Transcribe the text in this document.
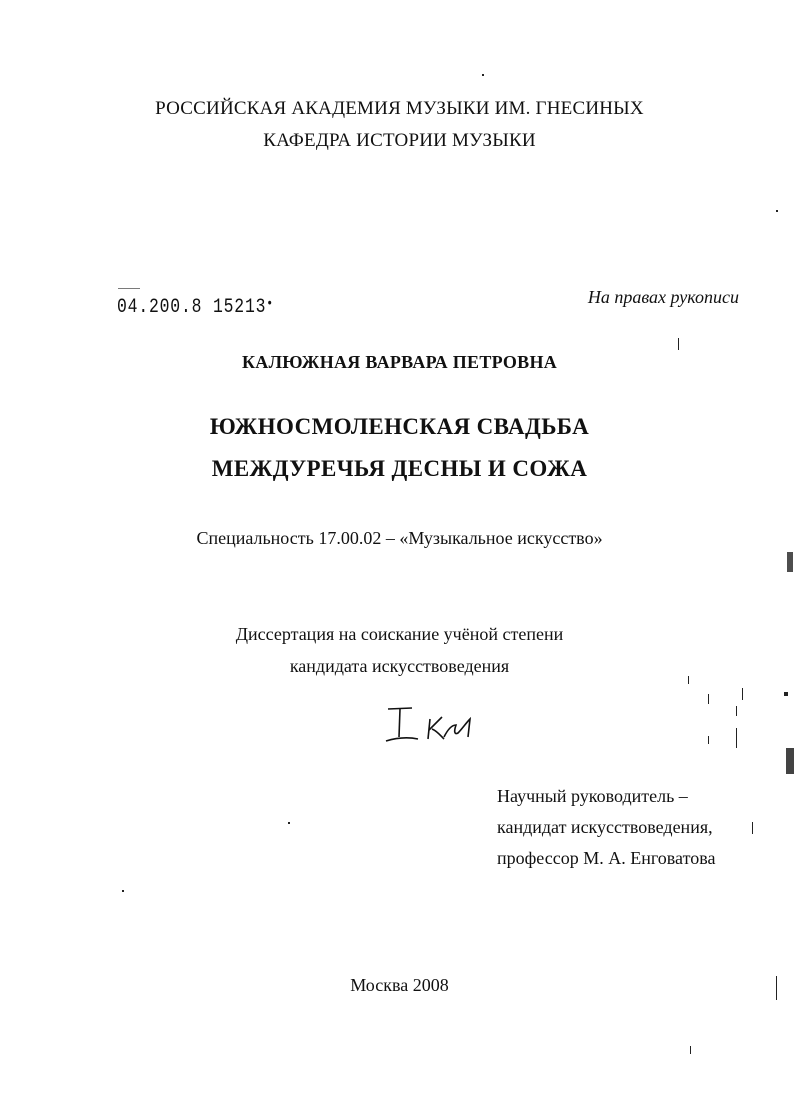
РОССИЙСКАЯ АКАДЕМИЯ МУЗЫКИ ИМ. ГНЕСИНЫХ
КАФЕДРА ИСТОРИИ МУЗЫКИ
04.200.8 15213•	На правах рукописи
КАЛЮЖНАЯ ВАРВАРА ПЕТРОВНА
ЮЖНОСМОЛЕНСКАЯ СВАДЬБА
МЕЖДУРЕЧЬЯ ДЕСНЫ И СОЖА
Специальность 17.00.02 – «Музыкальное искусство»
Диссертация на соискание учёной степени
кандидата искусствоведения
Научный руководитель –
кандидат искусствоведения,
профессор М. А. Енговатова
Москва 2008
